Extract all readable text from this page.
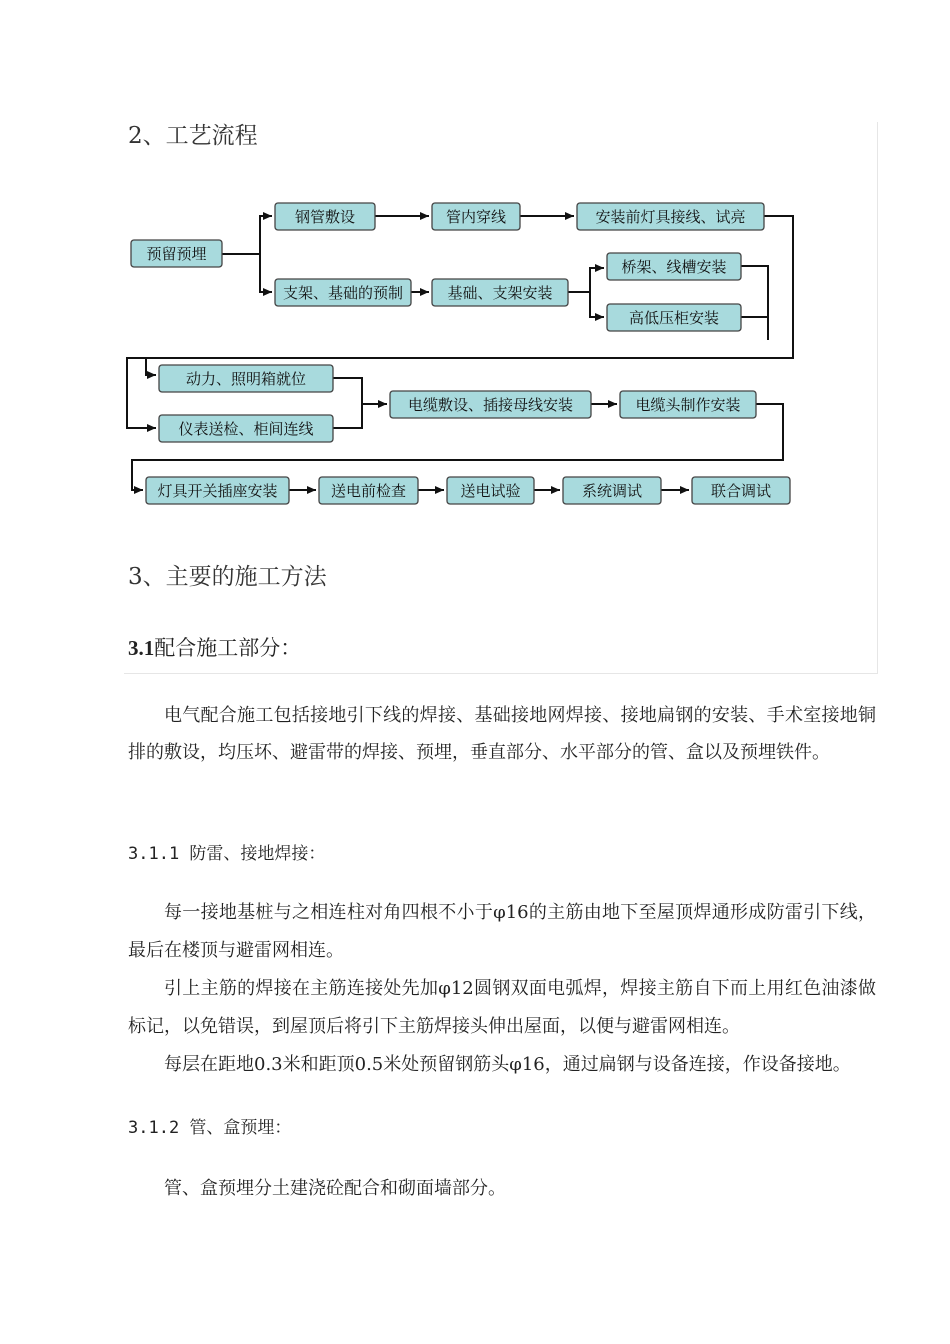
2、工艺流程
预留预埋
钢管敷设	管内穿线	安装前灯具接线、试亮
支架、基础的预制	基础、支架安装
桥架、线槽安装
高低压柜安装
动力、照明箱就位
仪表送检、柜间连线
电缆敷设、插接母线安装	电缆头制作安装
灯具开关插座安装	送电前检查	送电试验	系统调试	联合调试
3、主要的施工方法
3.1配合施工部分：

电气配合施工包括接地引下线的焊接、基础接地网焊接、接地扁钢的安装、手术室接地铜排的敷设，均压坏、避雷带的焊接、预埋，垂直部分、水平部分的管、盒以及预埋铁件。

3.1.1 防雷、接地焊接：

每一接地基桩与之相连柱对角四根不小于φ16的主筋由地下至屋顶焊通形成防雷引下线，最后在楼顶与避雷网相连。

引上主筋的焊接在主筋连接处先加φ12圆钢双面电弧焊，焊接主筋自下而上用红色油漆做标记，以免错误，到屋顶后将引下主筋焊接头伸出屋面，以便与避雷网相连。

每层在距地0.3米和距顶0.5米处预留钢筋头φ16，通过扁钢与设备连接，作设备接地。

3.1.2 管、盒预埋：

管、盒预埋分土建浇砼配合和砌面墙部分。
